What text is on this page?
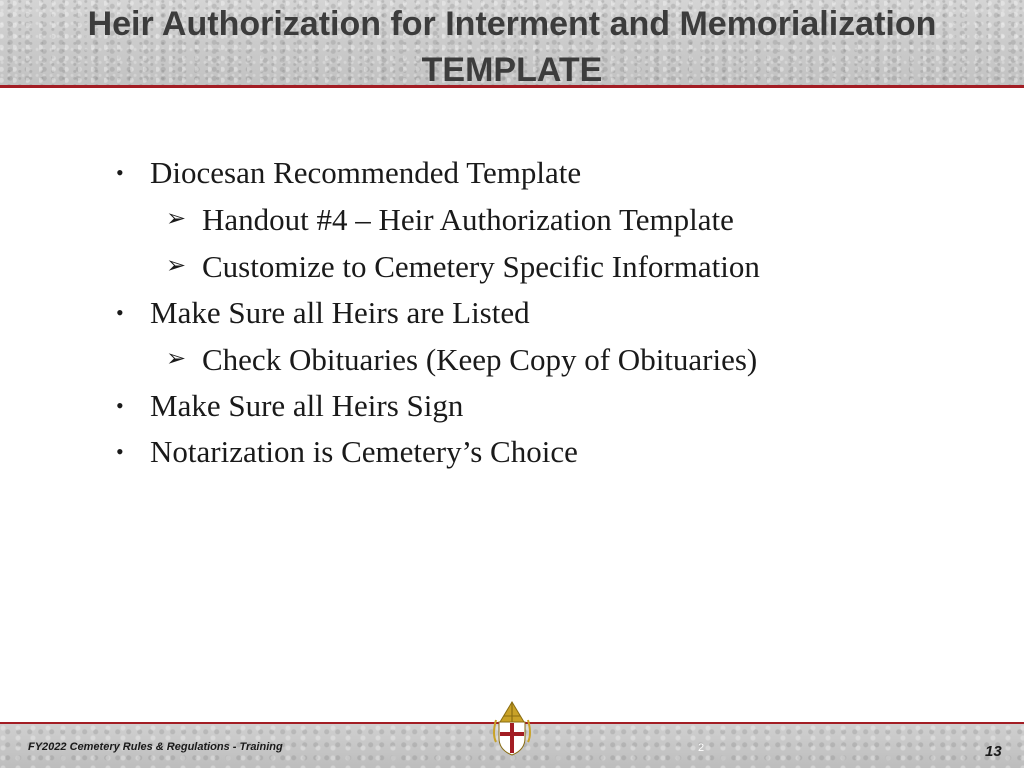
Heir Authorization for Interment and Memorialization
TEMPLATE
• Diocesan Recommended Template
➢ Handout #4 – Heir Authorization Template
➢ Customize to Cemetery Specific Information
• Make Sure all Heirs are Listed
➢ Check Obituaries (Keep Copy of Obituaries)
• Make Sure all Heirs Sign
• Notarization is Cemetery’s Choice
FY2022 Cemetery Rules & Regulations - Training	2	13
